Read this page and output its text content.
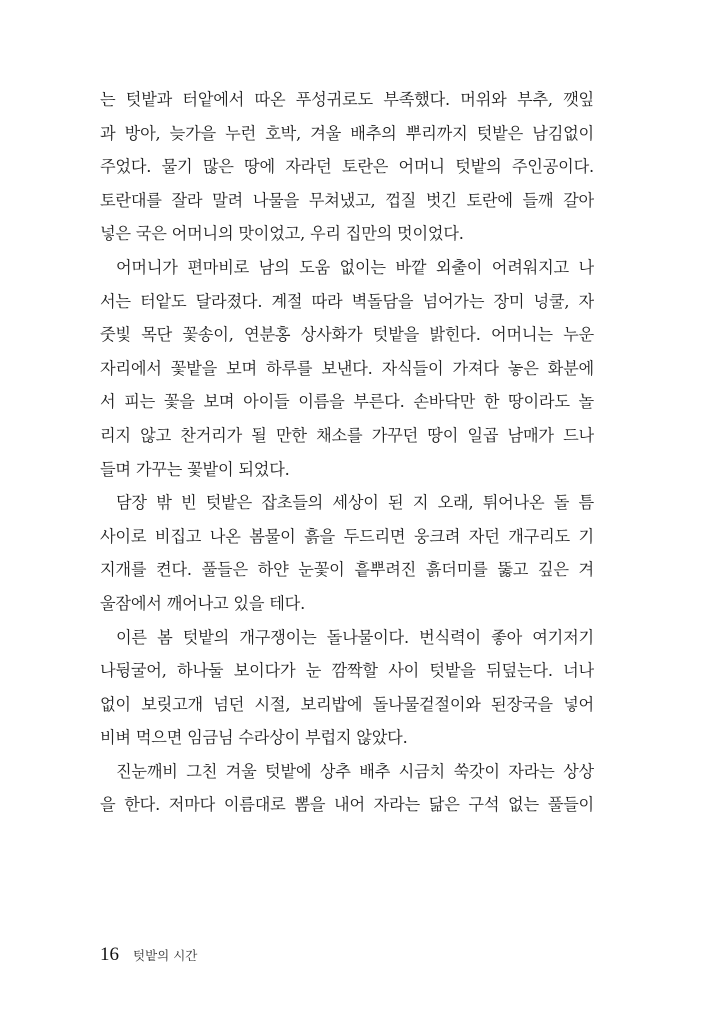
는 텃밭과 터앝에서 따온 푸성귀로도 부족했다. 머위와 부추, 깻잎
과 방아, 늦가을 누런 호박, 겨울 배추의 뿌리까지 텃밭은 남김없이
주었다. 물기 많은 땅에 자라던 토란은 어머니 텃밭의 주인공이다.
토란대를 잘라 말려 나물을 무쳐냈고, 껍질 벗긴 토란에 들깨 갈아
넣은 국은 어머니의 맛이었고, 우리 집만의 멋이었다.
어머니가 편마비로 남의 도움 없이는 바깥 외출이 어려워지고 나
서는 터앝도 달라졌다. 계절 따라 벽돌담을 넘어가는 장미 넝쿨, 자
줏빛 목단 꽃송이, 연분홍 상사화가 텃밭을 밝힌다. 어머니는 누운
자리에서 꽃밭을 보며 하루를 보낸다. 자식들이 가져다 놓은 화분에
서 피는 꽃을 보며 아이들 이름을 부른다. 손바닥만 한 땅이라도 놀
리지 않고 찬거리가 될 만한 채소를 가꾸던 땅이 일곱 남매가 드나
들며 가꾸는 꽃밭이 되었다.
담장 밖 빈 텃밭은 잡초들의 세상이 된 지 오래, 튀어나온 돌 틈
사이로 비집고 나온 봄물이 흙을 두드리면 웅크려 자던 개구리도 기
지개를 켠다. 풀들은 하얀 눈꽃이 흩뿌려진 흙더미를 뚫고 깊은 겨
울잠에서 깨어나고 있을 테다.
이른 봄 텃밭의 개구쟁이는 돌나물이다. 번식력이 좋아 여기저기
나뒹굴어, 하나둘 보이다가 눈 깜짝할 사이 텃밭을 뒤덮는다. 너나
없이 보릿고개 넘던 시절, 보리밥에 돌나물겉절이와 된장국을 넣어
비벼 먹으면 임금님 수라상이 부럽지 않았다.
진눈깨비 그친 겨울 텃밭에 상추 배추 시금치 쑥갓이 자라는 상상
을 한다. 저마다 이름대로 뽐을 내어 자라는 닮은 구석 없는 풀들이
16 텃밭의 시간
